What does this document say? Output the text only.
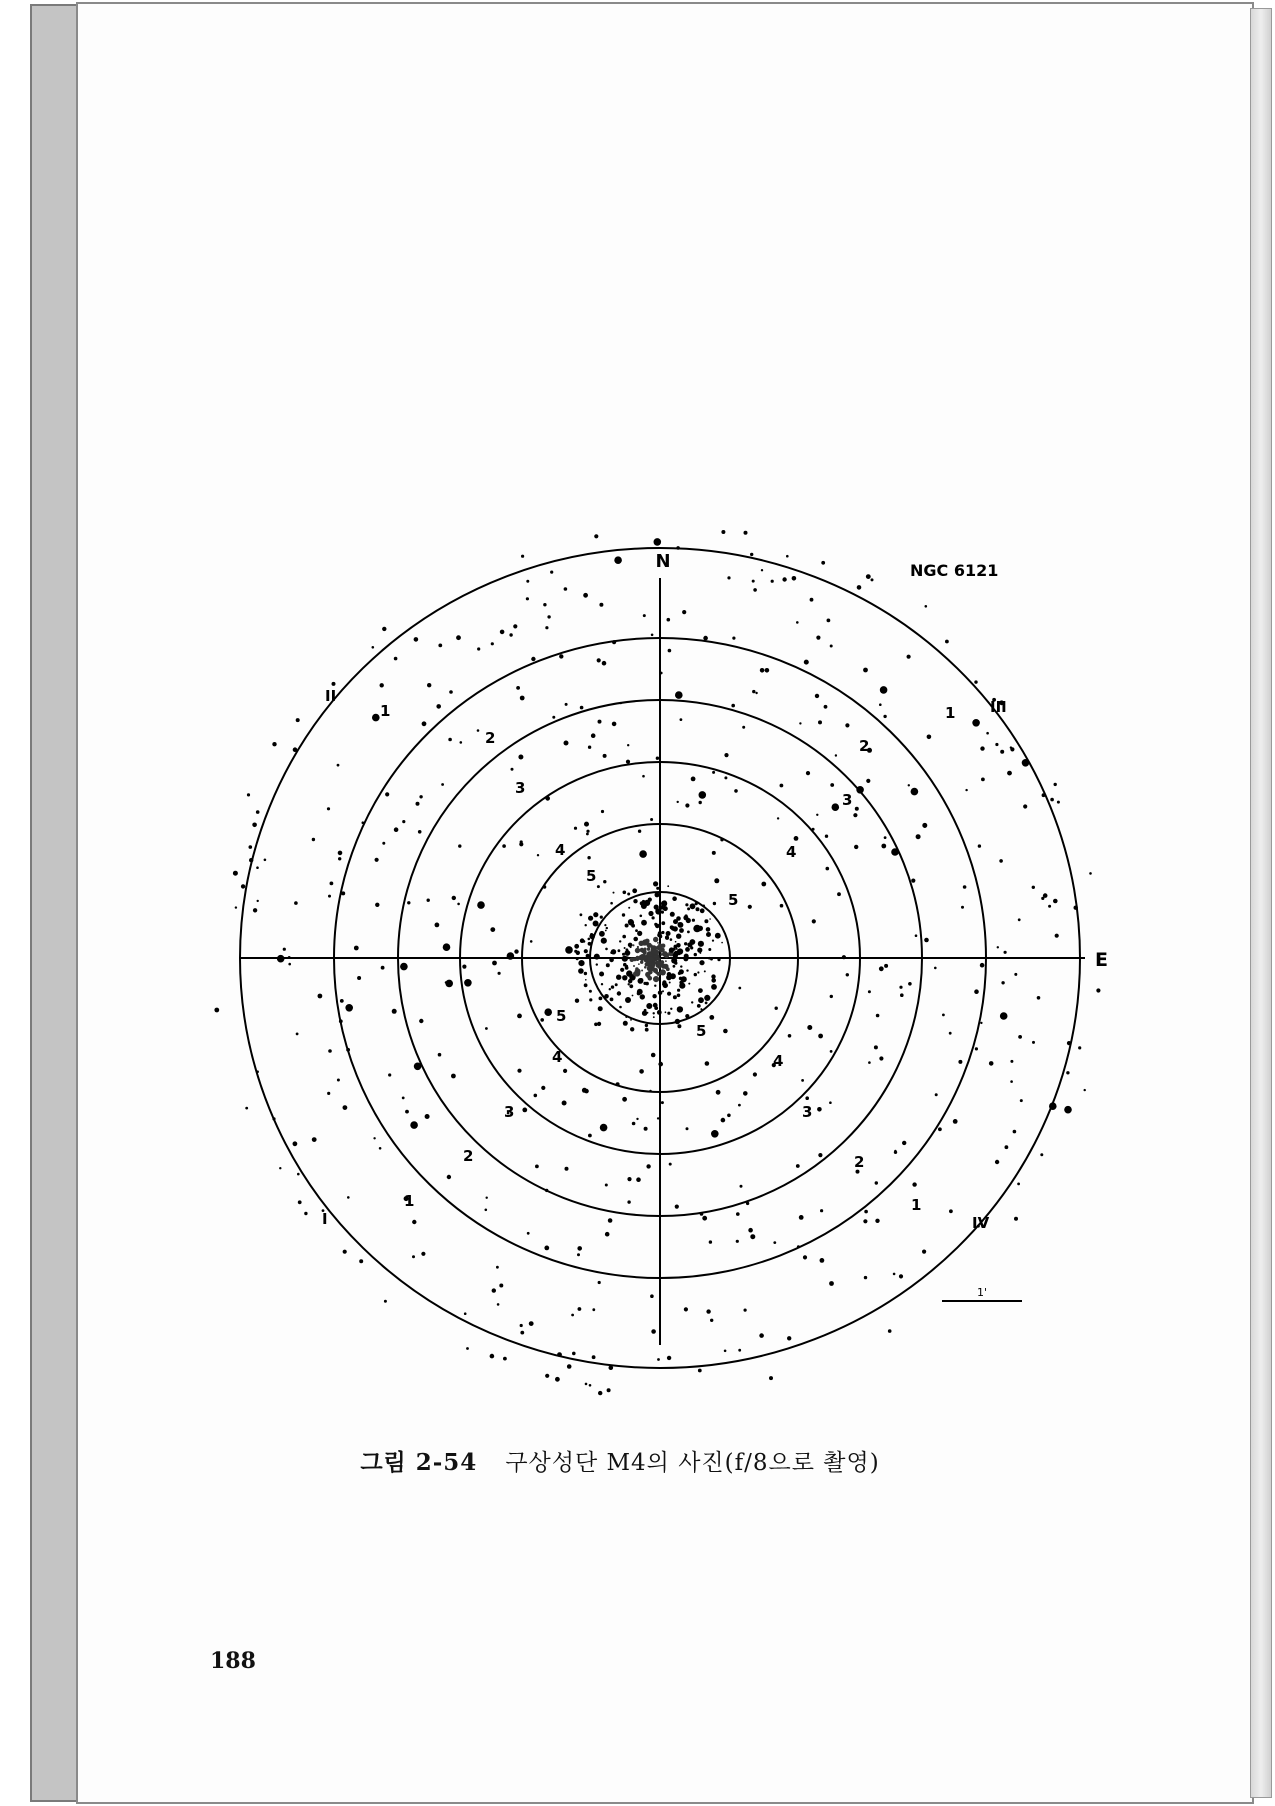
N
E
NGC 6121
II
III
I	IV
1	1
1	1
2	2
2	2
3
3
3	3
4	4
4	4
5
5
5
5
1'
그림 2-54 구상성단 M4의 사진(f/8으로 촬영)
188
